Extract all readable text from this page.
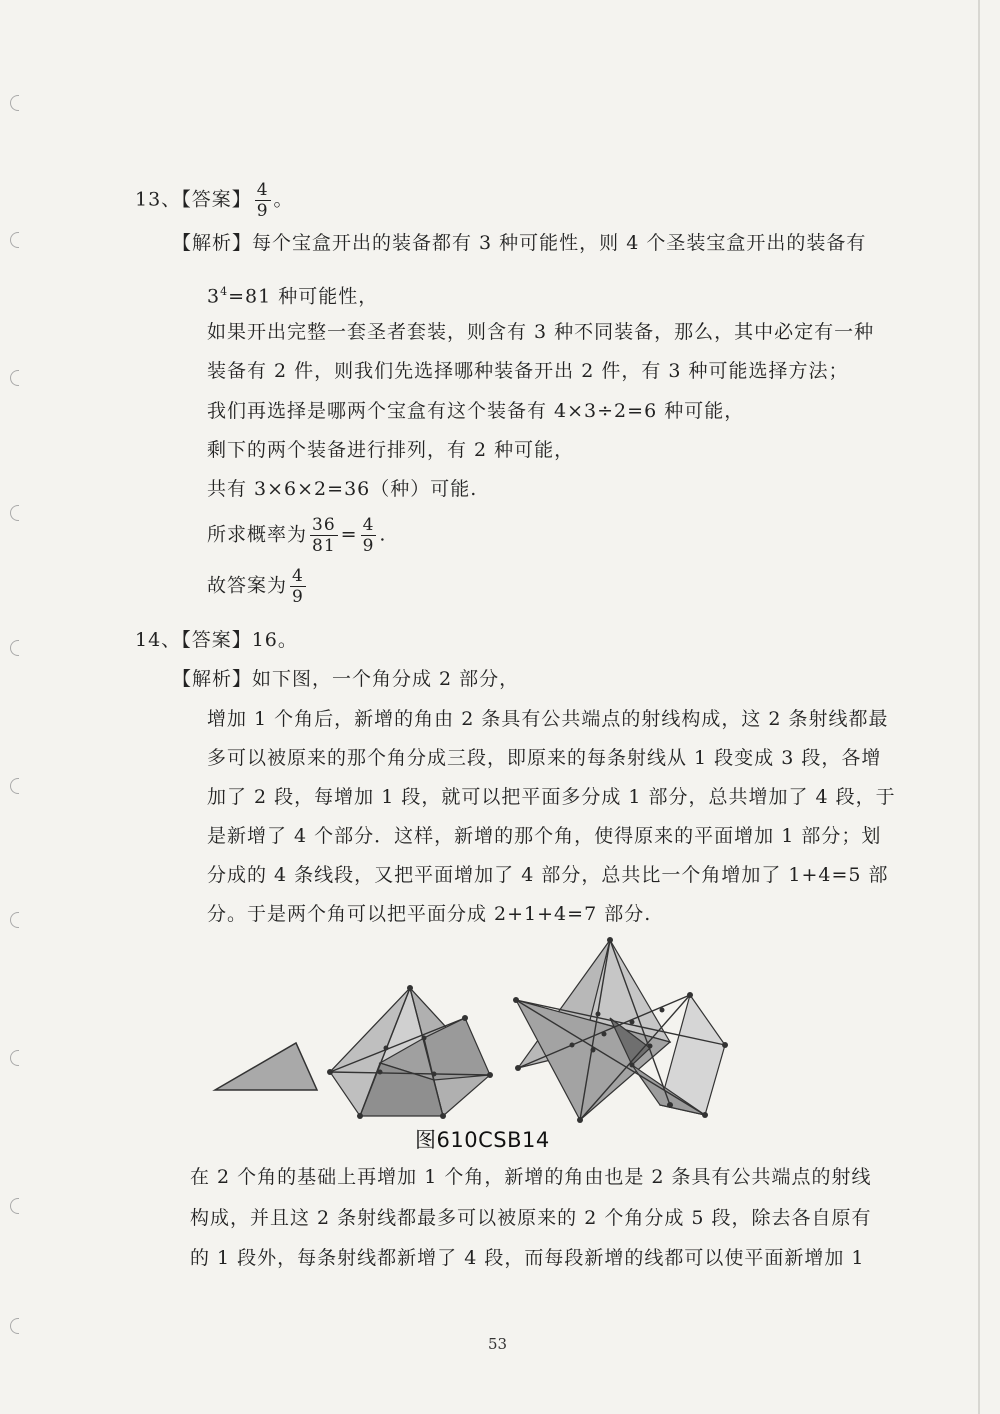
13、【答案】 $\frac{4}{9}$ 。
【解析】每个宝盒开出的装备都有 3 种可能性，则 4 个圣装宝盒开出的装备有
$3^4=81$ 种可能性，
如果开出完整一套圣者套装，则含有 3 种不同装备，那么，其中必定有一种
装备有 2 件，则我们先选择哪种装备开出 2 件，有 3 种可能选择方法；
我们再选择是哪两个宝盒有这个装备有 4×3÷2=6 种可能，
剩下的两个装备进行排列，有 2 种可能，
共有 3×6×2=36（种）可能.
所求概率为 $\frac{36}{81} = \frac{4}{9}$ .
故答案为 $\frac{4}{9}$
14、【答案】16。
【解析】如下图，一个角分成 2 部分，
增加 1 个角后，新增的角由 2 条具有公共端点的射线构成，这 2 条射线都最
多可以被原来的那个角分成三段，即原来的每条射线从 1 段变成 3 段，各增
加了 2 段，每增加 1 段，就可以把平面多分成 1 部分，总共增加了 4 段，于
是新增了 4 个部分．这样，新增的那个角，使得原来的平面增加 1 部分；划
分成的 4 条线段，又把平面增加了 4 部分，总共比一个角增加了 1+4=5 部
分。于是两个角可以把平面分成 2+1+4=7 部分.
图610CSB14
在 2 个角的基础上再增加 1 个角，新增的角由也是 2 条具有公共端点的射线
构成，并且这 2 条射线都最多可以被原来的 2 个角分成 5 段，除去各自原有
的 1 段外，每条射线都新增了 4 段，而每段新增的线都可以使平面新增加 1
53
